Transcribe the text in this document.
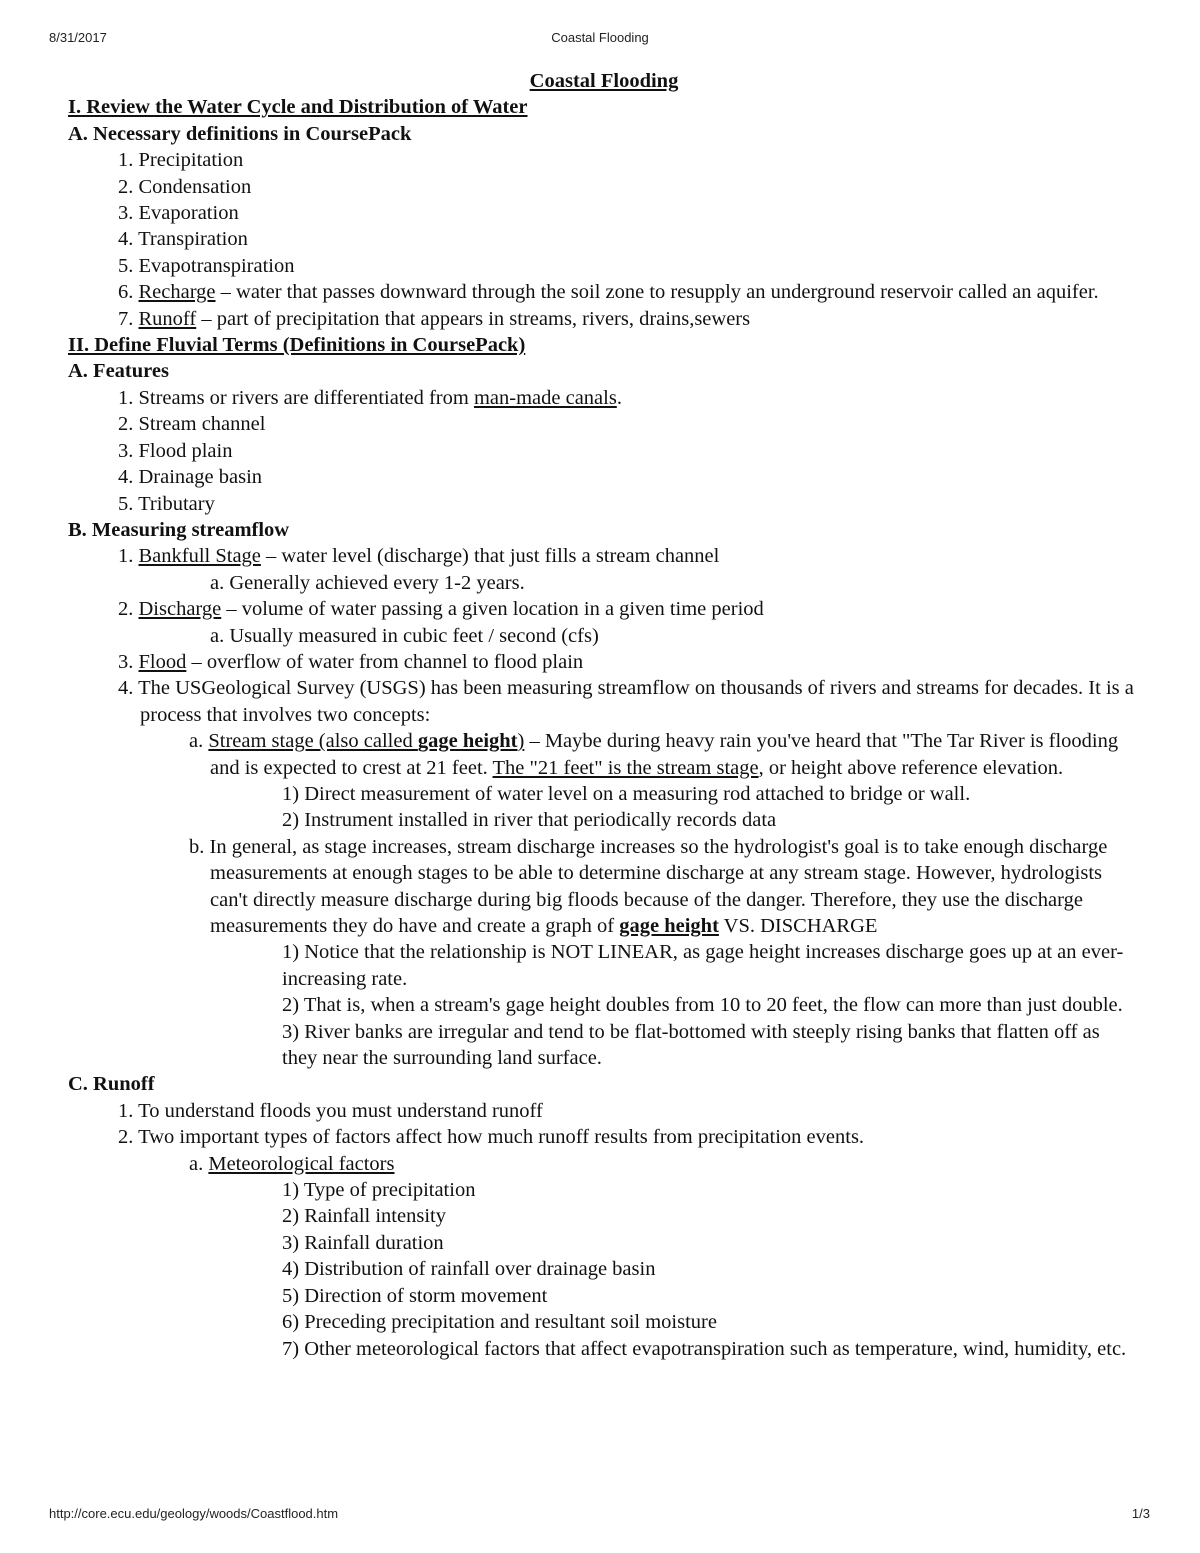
8/31/2017	Coastal Flooding

Coastal Flooding

I. Review the Water Cycle and Distribution of Water

A. Necessary definitions in CoursePack

1. Precipitation

2. Condensation

3. Evaporation

4. Transpiration

5. Evapotranspiration

6. Recharge – water that passes downward through the soil zone to resupply an underground reservoir called an aquifer.

7. Runoff – part of precipitation that appears in streams, rivers, drains,sewers

II. Define Fluvial Terms (Definitions in CoursePack)

A. Features

1. Streams or rivers are differentiated from man-made canals.

2. Stream channel

3. Flood plain

4. Drainage basin

5. Tributary

B. Measuring streamflow

1. Bankfull Stage – water level (discharge) that just fills a stream channel

a. Generally achieved every 1-2 years.

2. Discharge – volume of water passing a given location in a given time period

a. Usually measured in cubic feet / second (cfs)

3. Flood – overflow of water from channel to flood plain

4. The USGeological Survey (USGS) has been measuring streamflow on thousands of rivers and streams for decades. It is a process that involves two concepts:

a. Stream stage (also called gage height) – Maybe during heavy rain you've heard that "The Tar River is flooding and is expected to crest at 21 feet. The "21 feet" is the stream stage, or height above reference elevation.

1) Direct measurement of water level on a measuring rod attached to bridge or wall.

2) Instrument installed in river that periodically records data

b. In general, as stage increases, stream discharge increases so the hydrologist's goal is to take enough discharge measurements at enough stages to be able to determine discharge at any stream stage. However, hydrologists can't directly measure discharge during big floods because of the danger. Therefore, they use the discharge measurements they do have and create a graph of gage height VS. DISCHARGE

1) Notice that the relationship is NOT LINEAR, as gage height increases discharge goes up at an ever-increasing rate.

2) That is, when a stream's gage height doubles from 10 to 20 feet, the flow can more than just double.

3) River banks are irregular and tend to be flat-bottomed with steeply rising banks that flatten off as they near the surrounding land surface.

C. Runoff

1. To understand floods you must understand runoff

2. Two important types of factors affect how much runoff results from precipitation events.

a. Meteorological factors

1) Type of precipitation

2) Rainfall intensity

3) Rainfall duration

4) Distribution of rainfall over drainage basin

5) Direction of storm movement

6) Preceding precipitation and resultant soil moisture

7) Other meteorological factors that affect evapotranspiration such as temperature, wind, humidity, etc.

http://core.ecu.edu/geology/woods/Coastflood.htm	1/3
